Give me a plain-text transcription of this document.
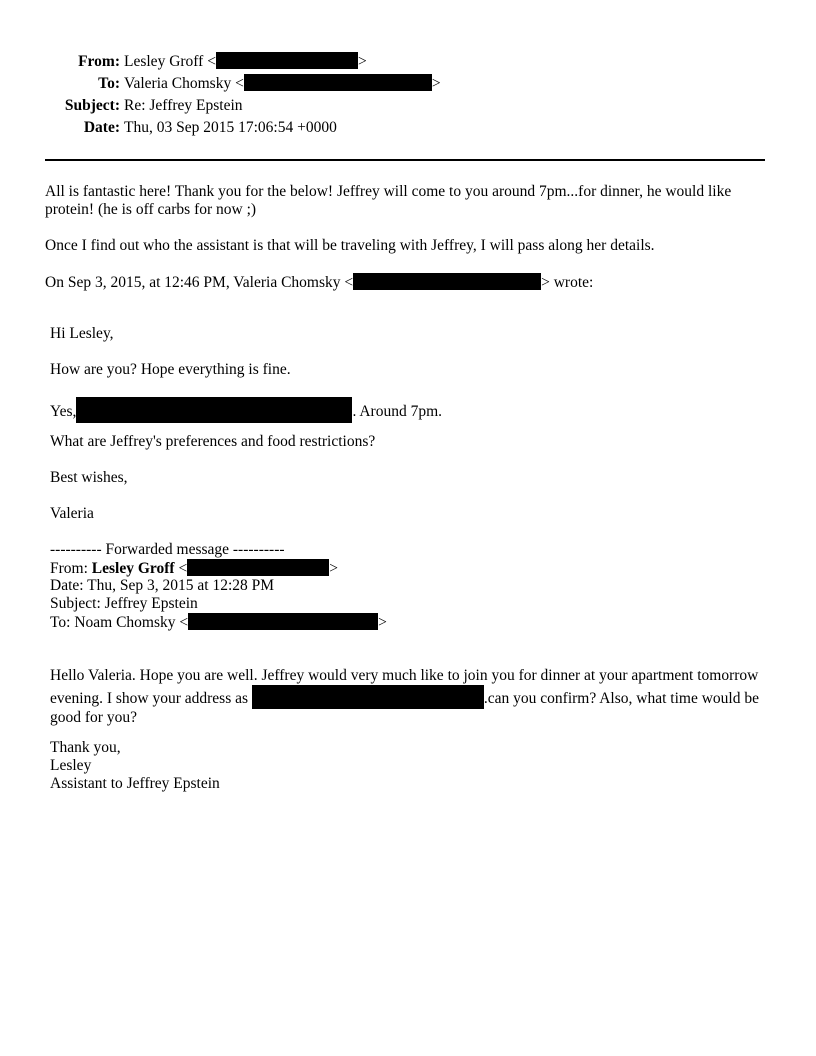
From: Lesley Groff <	>
To: Valeria Chomsky <	>
Subject: Re: Jeffrey Epstein
Date: Thu, 03 Sep 2015 17:06:54 +0000

All is fantastic here! Thank you for the below! Jeffrey will come to you around 7pm...for dinner, he would like protein! (he is off carbs for now ;)

Once I find out who the assistant is that will be traveling with Jeffrey, I will pass along her details.

On Sep 3, 2015, at 12:46 PM, Valeria Chomsky <	> wrote:

Hi Lesley,

How are you? Hope everything is fine.

Yes,	. Around 7pm.

What are Jeffrey's preferences and food restrictions?

Best wishes,

Valeria

---------- Forwarded message ----------

From: Lesley Groff <	>

Date: Thu, Sep 3, 2015 at 12:28 PM

Subject: Jeffrey Epstein

To: Noam Chomsky <	>

Hello Valeria. Hope you are well. Jeffrey would very much like to join you for dinner at your apartment tomorrow evening. I show your address as	.can you confirm? Also, what time would be good for you?

Thank you,

Lesley

Assistant to Jeffrey Epstein
